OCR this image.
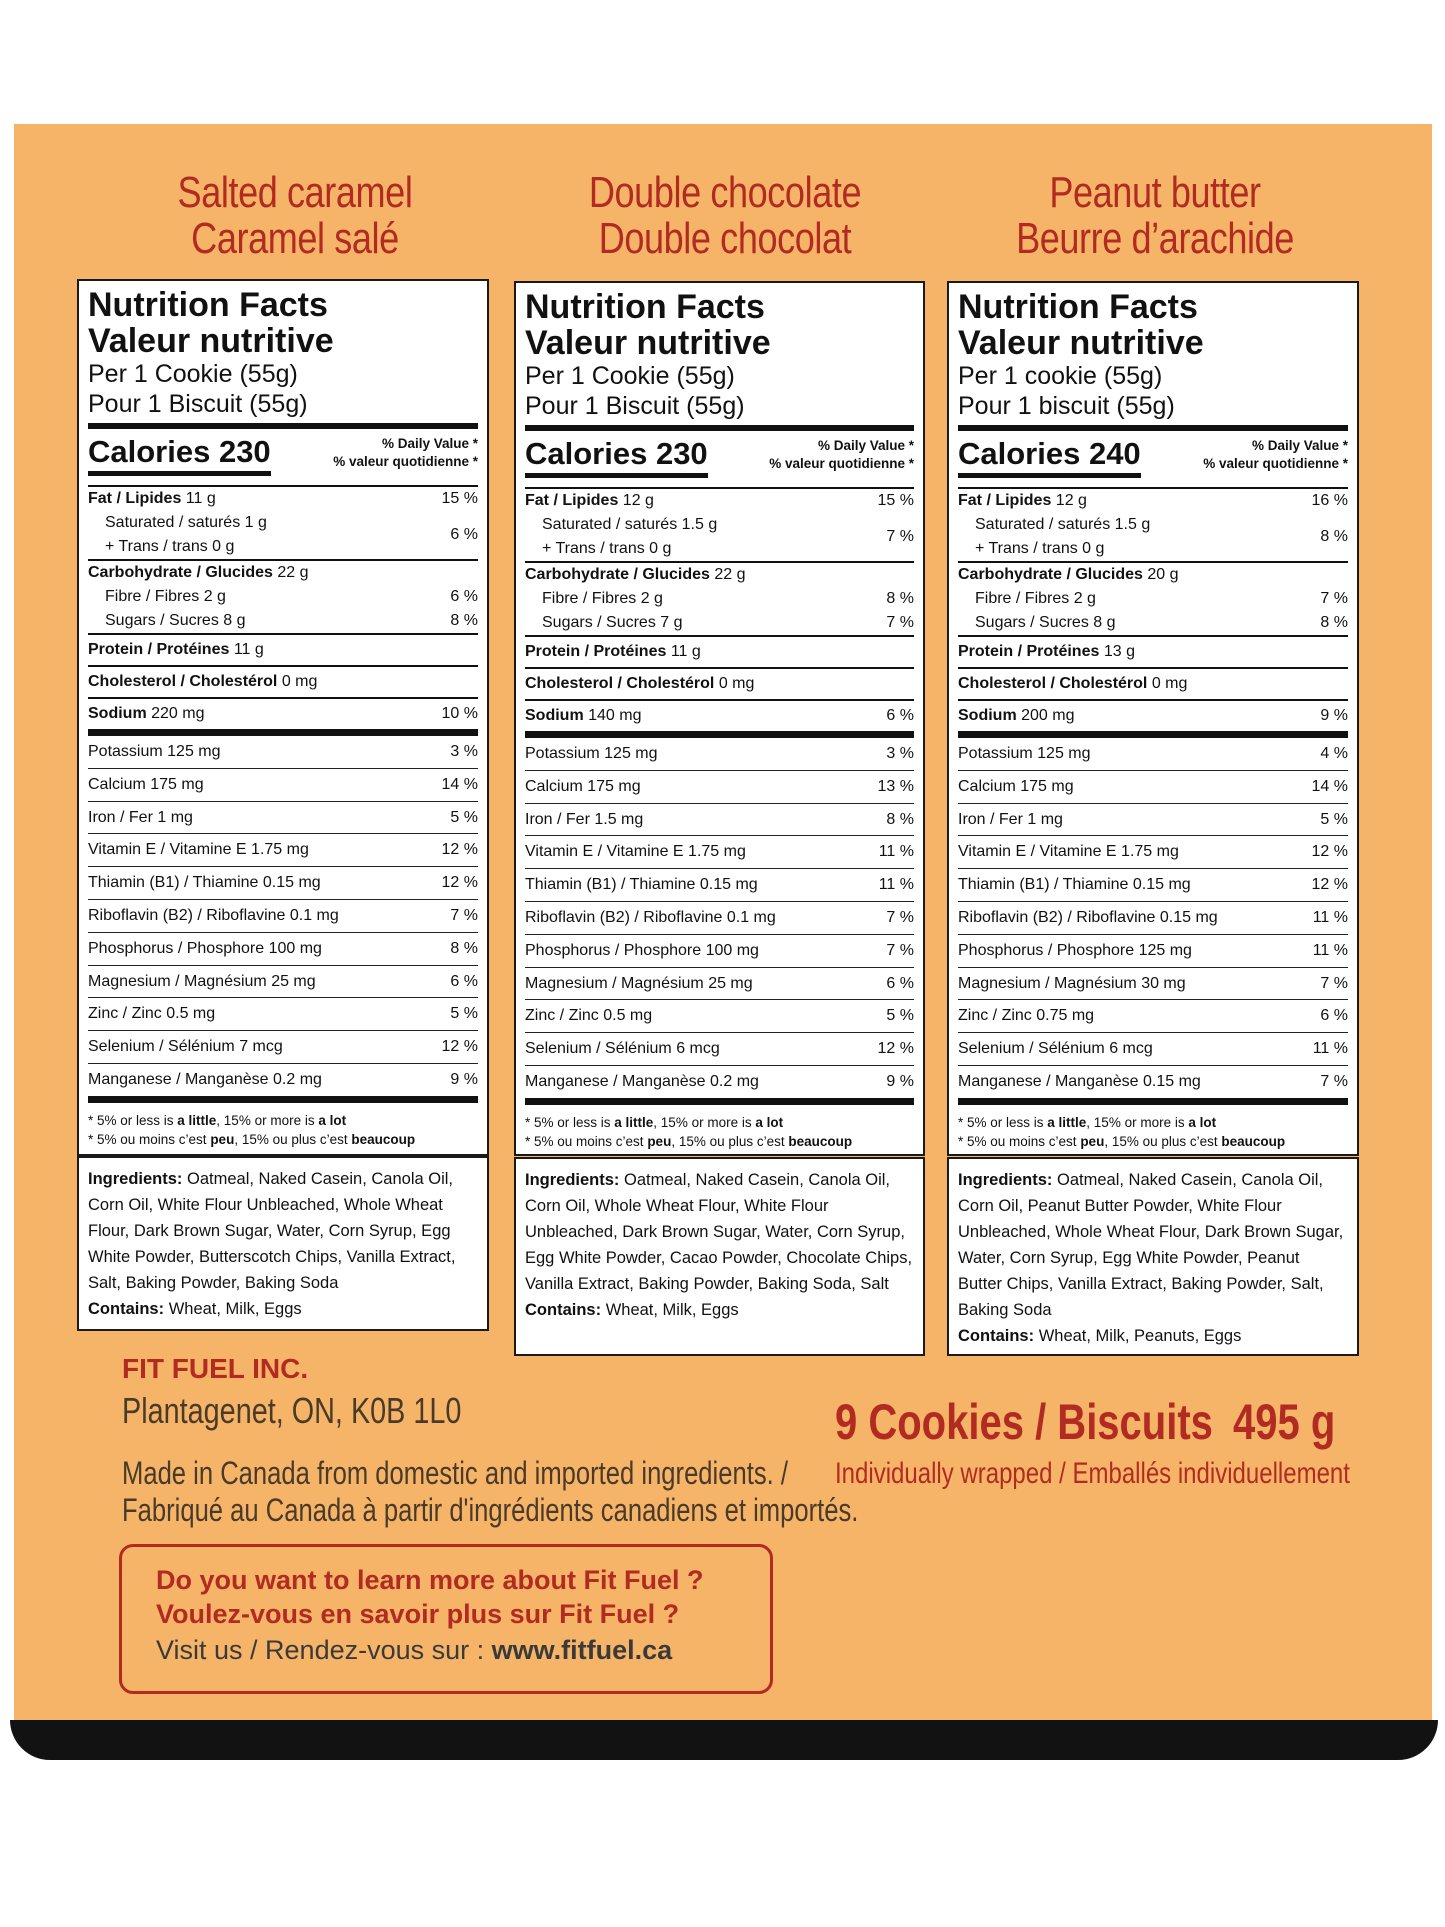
Salted caramel
Caramel salé
Double chocolate
Double chocolat
Peanut butter
Beurre d’arachide
Nutrition Facts
Valeur nutritive
Per 1 Cookie (55g)
Pour 1 Biscuit (55g)
Calories 230	% Daily Value *
% valeur quotidienne *
Fat / Lipides 11 g	15 %
Saturated / saturés 1 g
+ Trans / trans 0 g
6 %
Carbohydrate / Glucides 22 g
Fibre / Fibres 2 g	6 %
Sugars / Sucres 8 g	8 %
Protein / Protéines 11 g
Cholesterol / Cholestérol 0 mg
Sodium 220 mg	10 %
Potassium 125 mg	3 %
Calcium 175 mg	14 %
Iron / Fer 1 mg	5 %
Vitamin E / Vitamine E 1.75 mg	12 %
Thiamin (B1) / Thiamine 0.15 mg	12 %
Riboflavin (B2) / Riboflavine 0.1 mg	7 %
Phosphorus / Phosphore 100 mg	8 %
Magnesium / Magnésium 25 mg	6 %
Zinc / Zinc 0.5 mg	5 %
Selenium / Sélénium 7 mcg	12 %
Manganese / Manganèse 0.2 mg	9 %
* 5% or less is a little, 15% or more is a lot
* 5% ou moins c’est peu, 15% ou plus c’est beaucoup
Ingredients: Oatmeal, Naked Casein, Canola Oil, Corn Oil, White Flour Unbleached, Whole Wheat Flour, Dark Brown Sugar, Water, Corn Syrup, Egg White Powder, Butterscotch Chips, Vanilla Extract, Salt, Baking Powder, Baking Soda
Contains: Wheat, Milk, Eggs
Nutrition Facts
Valeur nutritive
Per 1 Cookie (55g)
Pour 1 Biscuit (55g)
Calories 230	% Daily Value *
% valeur quotidienne *
Fat / Lipides 12 g	15 %
Saturated / saturés 1.5 g
+ Trans / trans 0 g
7 %
Carbohydrate / Glucides 22 g
Fibre / Fibres 2 g	8 %
Sugars / Sucres 7 g	7 %
Protein / Protéines 11 g
Cholesterol / Cholestérol 0 mg
Sodium 140 mg	6 %
Potassium 125 mg	3 %
Calcium 175 mg	13 %
Iron / Fer 1.5 mg	8 %
Vitamin E / Vitamine E 1.75 mg	11 %
Thiamin (B1) / Thiamine 0.15 mg	11 %
Riboflavin (B2) / Riboflavine 0.1 mg	7 %
Phosphorus / Phosphore 100 mg	7 %
Magnesium / Magnésium 25 mg	6 %
Zinc / Zinc 0.5 mg	5 %
Selenium / Sélénium 6 mcg	12 %
Manganese / Manganèse 0.2 mg	9 %
* 5% or less is a little, 15% or more is a lot
* 5% ou moins c’est peu, 15% ou plus c’est beaucoup
Ingredients: Oatmeal, Naked Casein, Canola Oil, Corn Oil, Whole Wheat Flour, White Flour Unbleached, Dark Brown Sugar, Water, Corn Syrup, Egg White Powder, Cacao Powder, Chocolate Chips, Vanilla Extract, Baking Powder, Baking Soda, Salt
Contains: Wheat, Milk, Eggs
Nutrition Facts
Valeur nutritive
Per 1 cookie (55g)
Pour 1 biscuit (55g)
Calories 240	% Daily Value *
% valeur quotidienne *
Fat / Lipides 12 g	16 %
Saturated / saturés 1.5 g
+ Trans / trans 0 g
8 %
Carbohydrate / Glucides 20 g
Fibre / Fibres 2 g	7 %
Sugars / Sucres 8 g	8 %
Protein / Protéines 13 g
Cholesterol / Cholestérol 0 mg
Sodium 200 mg	9 %
Potassium 125 mg	4 %
Calcium 175 mg	14 %
Iron / Fer 1 mg	5 %
Vitamin E / Vitamine E 1.75 mg	12 %
Thiamin (B1) / Thiamine 0.15 mg	12 %
Riboflavin (B2) / Riboflavine 0.15 mg	11 %
Phosphorus / Phosphore 125 mg	11 %
Magnesium / Magnésium 30 mg	7 %
Zinc / Zinc 0.75 mg	6 %
Selenium / Sélénium 6 mcg	11 %
Manganese / Manganèse 0.15 mg	7 %
* 5% or less is a little, 15% or more is a lot
* 5% ou moins c’est peu, 15% ou plus c’est beaucoup
Ingredients: Oatmeal, Naked Casein, Canola Oil, Corn Oil, Peanut Butter Powder, White Flour Unbleached, Whole Wheat Flour, Dark Brown Sugar, Water, Corn Syrup, Egg White Powder, Peanut Butter Chips, Vanilla Extract, Baking Powder, Salt, Baking Soda
Contains: Wheat, Milk, Peanuts, Eggs
FIT FUEL INC.
Plantagenet, ON, K0B 1L0
Made in Canada from domestic and imported ingredients. /
Fabriqué au Canada à partir d'ingrédients canadiens et importés.
9 Cookies / Biscuits 495 g
Individually wrapped / Emballés individuellement
Do you want to learn more about Fit Fuel ?
Voulez-vous en savoir plus sur Fit Fuel ?
Visit us / Rendez-vous sur : www.fitfuel.ca
